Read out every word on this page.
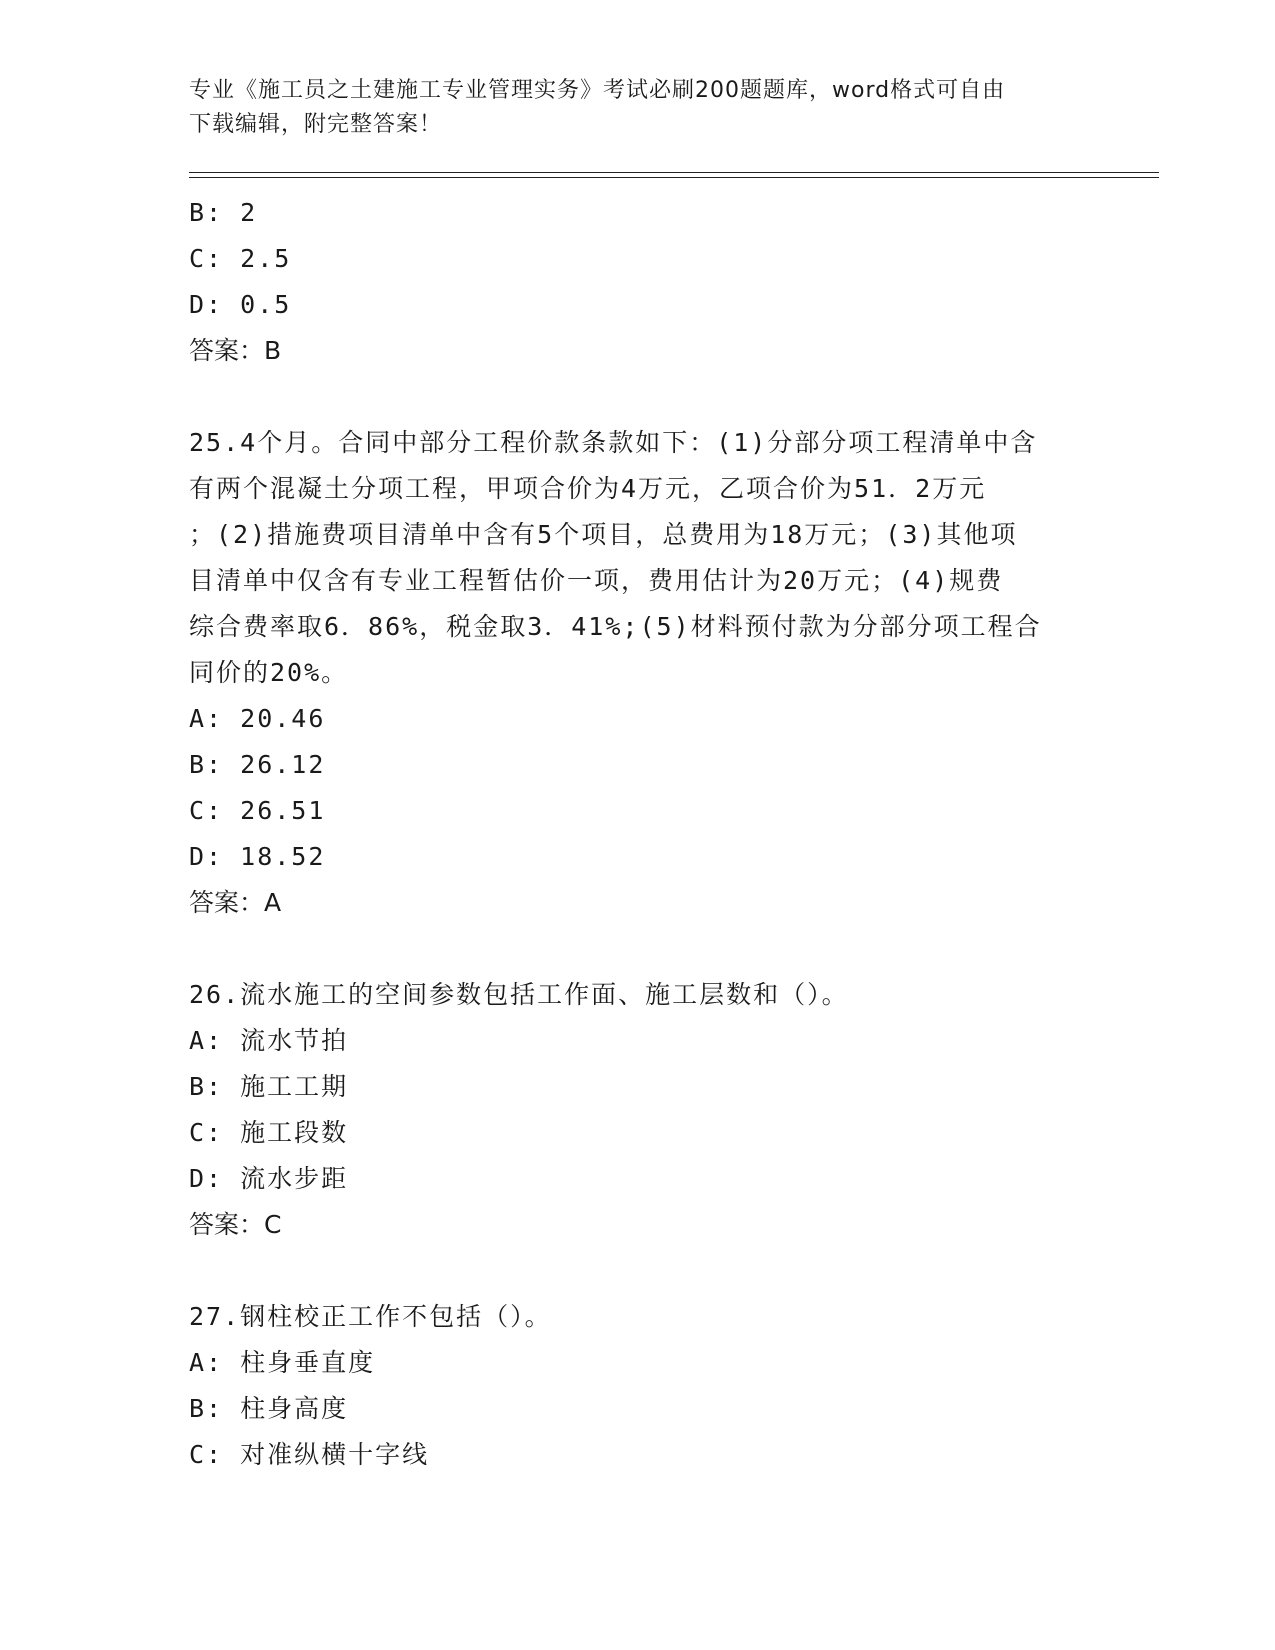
专业《施工员之土建施工专业管理实务》考试必刷200题题库，word格式可自由
下载编辑，附完整答案！
B: 2
C: 2.5
D: 0.5
答案：B
25.4个月。合同中部分工程价款条款如下：(1)分部分项工程清单中含
有两个混凝土分项工程，甲项合价为4万元，乙项合价为51．2万元
；(2)措施费项目清单中含有5个项目，总费用为18万元；(3)其他项
目清单中仅含有专业工程暂估价一项，费用估计为20万元；(4)规费
综合费率取6．86%，税金取3．41%;(5)材料预付款为分部分项工程合
同价的20%。
A: 20.46
B: 26.12
C: 26.51
D: 18.52
答案：A
26.流水施工的空间参数包括工作面、施工层数和（）。
A: 流水节拍
B: 施工工期
C: 施工段数
D: 流水步距
答案：C
27.钢柱校正工作不包括（）。
A: 柱身垂直度
B: 柱身高度
C: 对准纵横十字线
